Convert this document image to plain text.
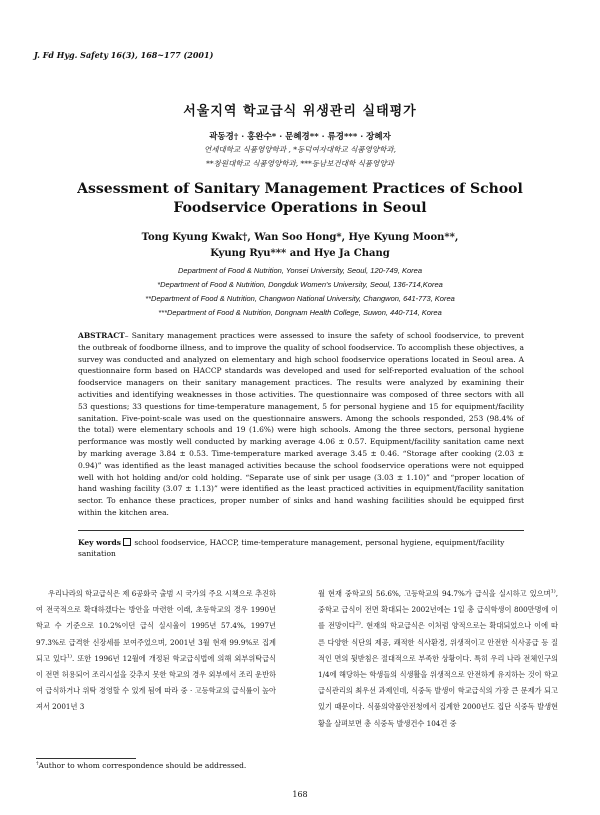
J. Fd Hyg. Safety 16(3), 168~177 (2001)
서울지역 학교급식 위생관리 실태평가
곽동경† · 홍완수* · 문혜경** · 류경*** · 장혜자
연세대학교 식품영양학과 , *동덕여자대학교 식품영양학과,
**창원대학교 식품영양학과, ***동남보건대학 식품영양과
Assessment of Sanitary Management Practices of School
Foodservice Operations in Seoul
Tong Kyung Kwak†, Wan Soo Hong*, Hye Kyung Moon**,
Kyung Ryu*** and Hye Ja Chang
Department of Food & Nutrition, Yonsei University, Seoul, 120-749, Korea
*Department of Food & Nutrition, Dongduk Women's University, Seoul, 136-714,Korea
**Department of Food & Nutrition, Changwon National University, Changwon, 641-773, Korea
***Department of Food & Nutrition, Dongnam Health College, Suwon, 440-714, Korea
ABSTRACT– Sanitary management practices were assessed to insure the safety of school foodservice, to prevent the outbreak of foodborne illness, and to improve the quality of school foodservice. To accomplish these objectives, a survey was conducted and analyzed on elementary and high school foodservice operations located in Seoul area. A questionnaire form based on HACCP standards was developed and used for self-reported evaluation of the school foodservice managers on their sanitary management practices. The results were analyzed by examining their activities and identifying weaknesses in those activities. The questionnaire was composed of three sectors with all 53 questions; 33 questions for time-temperature management, 5 for personal hygiene and 15 for equipment/facility sanitation. Five-point-scale was used on the questionnaire answers. Among the schools responded, 253 (98.4% of the total) were elementary schools and 19 (1.6%) were high schools. Among the three sectors, personal hygiene performance was mostly well conducted by marking average 4.06 ± 0.57. Equipment/facility sanitation came next by marking average 3.84 ± 0.53. Time-temperature marked average 3.45 ± 0.46. “Storage after cooking (2.03 ± 0.94)” was identified as the least managed activities because the school foodservice operations were not equipped well with hot holding and/or cold holding. “Separate use of sink per usage (3.03 ± 1.10)” and “proper location of hand washing facility (3.07 ± 1.13)” were identified as the least practiced activities in equipment/facility sanitation sector. To enhance these practices, proper number of sinks and hand washing facilities should be equipped first within the kitchen area.
Key words school foodservice, HACCP, time-temperature management, personal hygiene, equipment/facility sanitation
우리나라의 학교급식은 제 6공화국 출범 시 국가의 주요 시책으로 추진하여 전국적으로 확대하겠다는 방안을 마련한 이래, 초등학교의 경우 1990년 학교 수 기준으로 10.2%이던 급식 실시율이 1995년 57.4%, 1997년 97.3%로 급격한 신장세를 보여주었으며, 2001년 3월 현재 99.9%로 집계되고 있다$^{1)}$. 또한 1996년 12월에 개정된 학교급식법에 의해 외부위탁급식이 전면 허용되어 조리시설을 갖추지 못한 학교의 경우 외부에서 조리 운반하여 급식하거나 위탁 경영할 수 있게 됨에 따라 중 · 고등학교의 급식률이 높아져서 2001년 3
월 현재 중학교의 56.6%, 고등학교의 94.7%가 급식을 실시하고 있으며$^{1)}$, 중학교 급식이 전면 확대되는 2002년에는 1일 총 급식학생이 800만명에 이를 전망이다$^{2)}$. 현재의 학교급식은 이처럼 양적으로는 확대되었으나 이에 따른 다양한 식단의 제공, 쾌적한 식사환경, 위생적이고 안전한 식사공급 등 질적인 면의 뒷받침은 절대적으로 부족한 상황이다. 특히 우리 나라 전체인구의 1/4에 해당하는 학생들의 식생활을 위생적으로 안전하게 유지하는 것이 학교급식관리의 최우선 과제인데, 식중독 발생이 학교급식의 가장 큰 문제가 되고 있기 때문이다. 식품의약품안전청에서 집계한 2000년도 집단 식중독 발생현황을 살펴보면 총 식중독 발생건수 104건 중
†Author to whom correspondence should be addressed.
168
